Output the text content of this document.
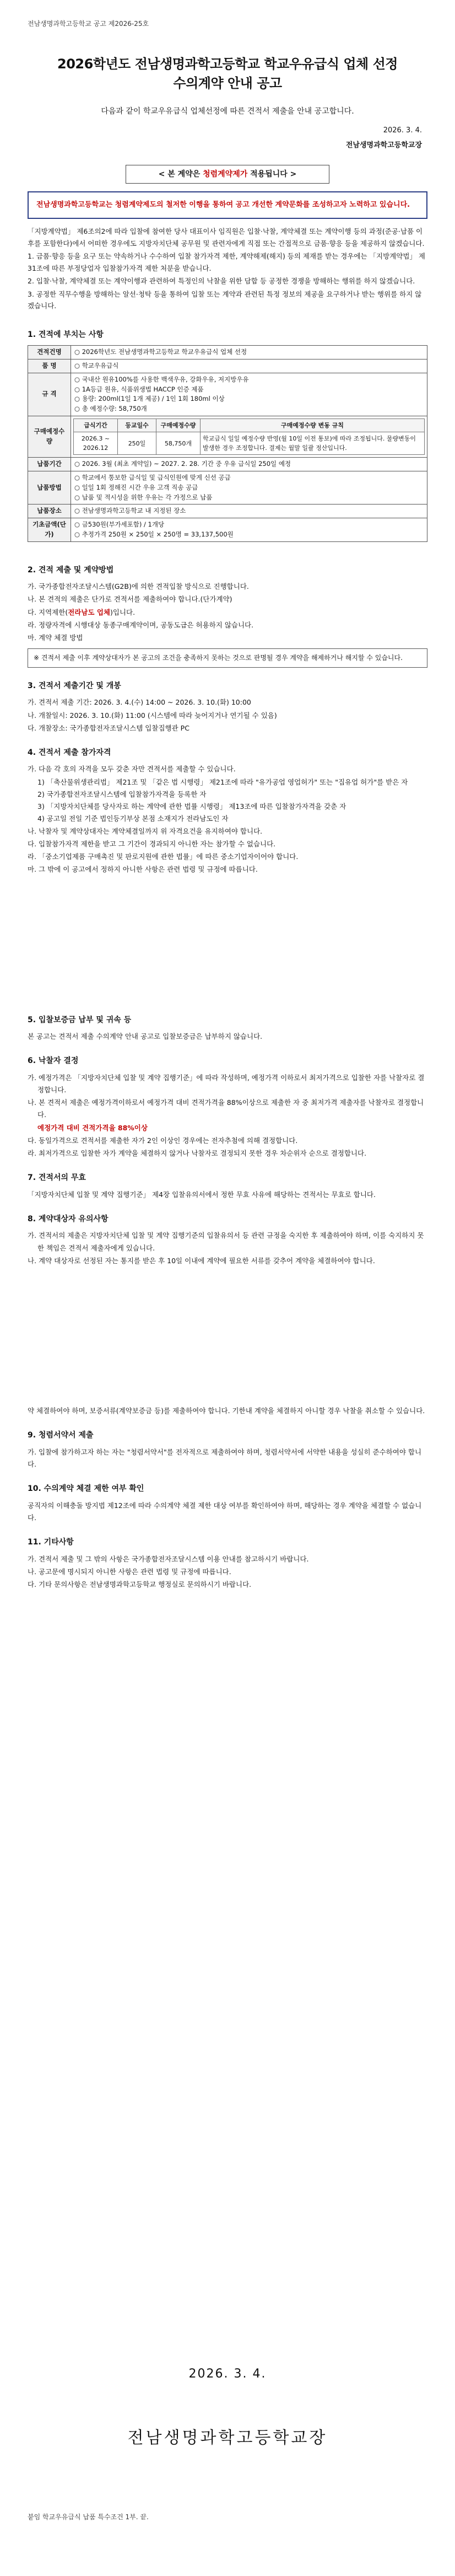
전남생명과학고등학교 공고 제2026-25호
2026학년도 전남생명과학고등학교 학교우유급식 업체 선정
수의계약 안내 공고
다음과 같이 학교우유급식 업체선정에 따른 견적서 제출을 안내 공고합니다.
2026. 3. 4.
전남생명과학고등학교장
< 본 계약은 청렴계약제가 적용됩니다 >
전남생명과학고등학교는 청렴계약제도의 철저한 이행을 통하여 공고 개선한 계약문화를 조성하고자 노력하고 있습니다.

「지방계약법」 제6조의2에 따라 입찰에 참여한 당사 대표이사 임직원은 입찰·낙찰, 계약체결 또는 계약이행 등의 과정(준공·납품 이후를 포함한다)에서 어떠한 경우에도 지방자치단체 공무원 및 관련자에게 직접 또는 간접적으로 금품·향응 등을 제공하지 않겠습니다.

1. 금품·향응 등을 요구 또는 약속하거나 수수하여 입찰 참가자격 제한, 계약해제(해지) 등의 제재를 받는 경우에는 「지방계약법」 제31조에 따른 부정당업자 입찰참가자격 제한 처분을 받습니다.

2. 입찰·낙찰, 계약체결 또는 계약이행과 관련하여 특정인의 낙찰을 위한 담합 등 공정한 경쟁을 방해하는 행위를 하지 않겠습니다.

3. 공정한 직무수행을 방해하는 알선·청탁 등을 통하여 입찰 또는 계약과 관련된 특정 정보의 제공을 요구하거나 받는 행위를 하지 않겠습니다.

1. 견적에 부치는 사항
견적건명	○ 2026학년도 전남생명과학고등학교 학교우유급식 업체 선정
품 명	○ 학교우유급식
규 격	
○ 국내산 원유100%를 사용한 백색우유, 강화우유, 저지방우유
○ 1A등급 원유, 식품위생법 HACCP 인증 제품
○ 용량: 200ml(1일 1개 제공) / 1인 1회 180ml 이상
○ 총 예정수량: 58,750개

구매예정수량	
급식기간	등교일수	구매예정수량	구매예정수량 변동 규칙
2026.3 ~ 2026.12	250일	58,750개	학교급식 일일 예정수량 반영(월 10일 이전 통보)에 따라 조정됩니다. 물량변동이 발생한 경우 조정합니다. 결제는 월말 일괄 정산입니다.

납품기간	○ 2026. 3월 (최초 계약일) ~ 2027. 2. 28. 기간 중 우유 급식일 250일 예정
납품방법	
○ 학교에서 통보한 급식일 및 급식인원에 맞게 신선 공급
○ 일일 1회 정해진 시간 우유 고객 직송 공급
○ 납품 및 적시성을 위한 우유는 각 가정으로 납품

납품장소	○ 전남생명과학고등학교 내 지정된 장소
기초금액(단가)	
○ 금530원(부가세포함) / 1개당
○ 추정가격 250원 × 250일 × 250명 = 33,137,500원
2. 견적 제출 및 계약방법
가. 국가종합전자조달시스템(G2B)에 의한 견적입찰 방식으로 진행합니다.
나. 본 견적의 제출은 단가로 견적서를 제출하여야 합니다.(단가계약)
다. 지역제한(전라남도 업체)입니다.
라. 정량자격에 시행대상 동종구매계약이며, 공동도급은 허용하지 않습니다.
마. 계약 체결 방법
※ 견적서 제출 이후 계약상대자가 본 공고의 조건을 충족하지 못하는 것으로 판명될 경우 계약을 해제하거나 해지할 수 있습니다.
3. 견적서 제출기간 및 개봉
가. 견적서 제출 기간: 2026. 3. 4.(수) 14:00 ~ 2026. 3. 10.(화) 10:00
나. 개찰일시: 2026. 3. 10.(화) 11:00 (시스템에 따라 늦어지거나 연기될 수 있음)
다. 개찰장소: 국가종합전자조달시스템 입찰집행관 PC
4. 견적서 제출 참가자격
가. 다음 각 호의 자격을 모두 갖춘 자만 견적서를 제출할 수 있습니다.
1) 「축산물위생관리법」 제21조 및 「같은 법 시행령」 제21조에 따라 "유가공업 영업허가" 또는 "집유업 허가"를 받은 자
2) 국가종합전자조달시스템에 입찰참가자격을 등록한 자
3) 「지방자치단체를 당사자로 하는 계약에 관한 법률 시행령」 제13조에 따른 입찰참가자격을 갖춘 자
4) 공고일 전일 기준 법인등기부상 본점 소재지가 전라남도인 자
나. 낙찰자 및 계약상대자는 계약체결일까지 위 자격요건을 유지하여야 합니다.
다. 입찰참가자격 제한을 받고 그 기간이 경과되지 아니한 자는 참가할 수 없습니다.
라. 「중소기업제품 구매촉진 및 판로지원에 관한 법률」에 따른 중소기업자이어야 합니다.
마. 그 밖에 이 공고에서 정하지 아니한 사항은 관련 법령 및 규정에 따릅니다.
5. 입찰보증금 납부 및 귀속 등
본 공고는 견적서 제출 수의계약 안내 공고로 입찰보증금은 납부하지 않습니다.
6. 낙찰자 결정
가. 예정가격은 「지방자치단체 입찰 및 계약 집행기준」에 따라 작성하며, 예정가격 이하로서 최저가격으로 입찰한 자를 낙찰자로 결정합니다.
나. 본 견적서 제출은 예정가격이하로서 예정가격 대비 견적가격율 88%이상으로 제출한 자 중 최저가격 제출자를 낙찰자로 결정합니다.
예정가격 대비 견적가격율 88%이상
다. 동일가격으로 견적서를 제출한 자가 2인 이상인 경우에는 전자추첨에 의해 결정합니다.
라. 최저가격으로 입찰한 자가 계약을 체결하지 않거나 낙찰자로 결정되지 못한 경우 차순위자 순으로 결정합니다.
7. 견적서의 무효
「지방자치단체 입찰 및 계약 집행기준」 제4장 입찰유의서에서 정한 무효 사유에 해당하는 견적서는 무효로 합니다.
8. 계약대상자 유의사항
가. 견적서의 제출은 지방자치단체 입찰 및 계약 집행기준의 입찰유의서 등 관련 규정을 숙지한 후 제출하여야 하며, 이를 숙지하지 못한 책임은 견적서 제출자에게 있습니다.
나. 계약 대상자로 선정된 자는 통지를 받은 후 10일 이내에 계약에 필요한 서류를 갖추어 계약을 체결하여야 합니다.
약 체결하여야 하며, 보증서류(계약보증금 등)를 제출하여야 합니다. 기한내 계약을 체결하지 아니할 경우 낙찰을 취소할 수 있습니다.
9. 청렴서약서 제출
가. 입찰에 참가하고자 하는 자는 "청렴서약서"를 전자적으로 제출하여야 하며, 청렴서약서에 서약한 내용을 성실히 준수하여야 합니다.
10. 수의계약 체결 제한 여부 확인
공직자의 이해충돌 방지법 제12조에 따라 수의계약 체결 제한 대상 여부를 확인하여야 하며, 해당하는 경우 계약을 체결할 수 없습니다.
11. 기타사항
가. 견적서 제출 및 그 밖의 사항은 국가종합전자조달시스템 이용 안내를 참고하시기 바랍니다.
나. 공고문에 명시되지 아니한 사항은 관련 법령 및 규정에 따릅니다.
다. 기타 문의사항은 전남생명과학고등학교 행정실로 문의하시기 바랍니다.
2026. 3. 4.
전남생명과학고등학교장
붙임 학교우유급식 납품 특수조건 1부. 끝.
